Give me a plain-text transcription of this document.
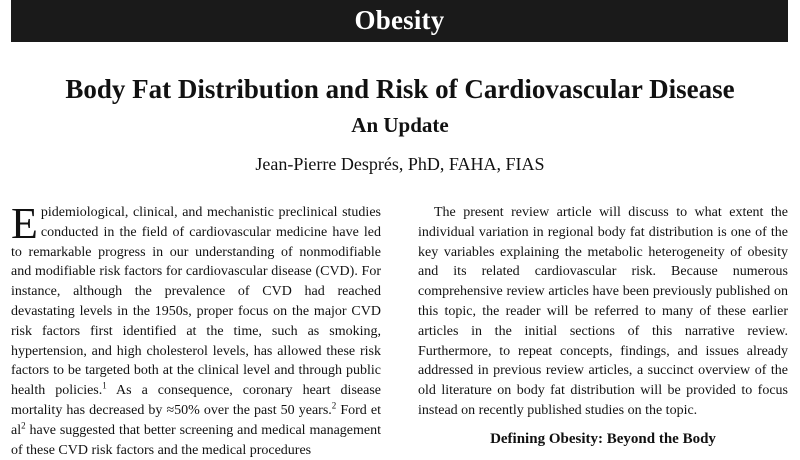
Obesity
Body Fat Distribution and Risk of Cardiovascular Disease
An Update
Jean-Pierre Després, PhD, FAHA, FIAS

Epidemiological, clinical, and mechanistic preclinical studies conducted in the field of cardiovascular medicine have led to remarkable progress in our understanding of nonmodifiable and modifiable risk factors for cardiovascular disease (CVD). For instance, although the prevalence of CVD had reached devastating levels in the 1950s, proper focus on the major CVD risk factors first identified at the time, such as smoking, hypertension, and high cholesterol levels, has allowed these risk factors to be targeted both at the clinical level and through public health policies.$^1$ As a consequence, coronary heart disease mortality has decreased by ≈50% over the past 50 years.$^2$ Ford et $al^2$ have suggested that better screening and medical management of these CVD risk factors and the medical procedures

The present review article will discuss to what extent the individual variation in regional body fat distribution is one of the key variables explaining the metabolic heterogeneity of obesity and its related cardiovascular risk. Because numerous comprehensive review articles have been previously published on this topic, the reader will be referred to many of these earlier articles in the initial sections of this narrative review. Furthermore, to repeat concepts, findings, and issues already addressed in previous review articles, a succinct overview of the old literature on body fat distribution will be provided to focus instead on recently published studies on the topic.

Defining Obesity: Beyond the Body
